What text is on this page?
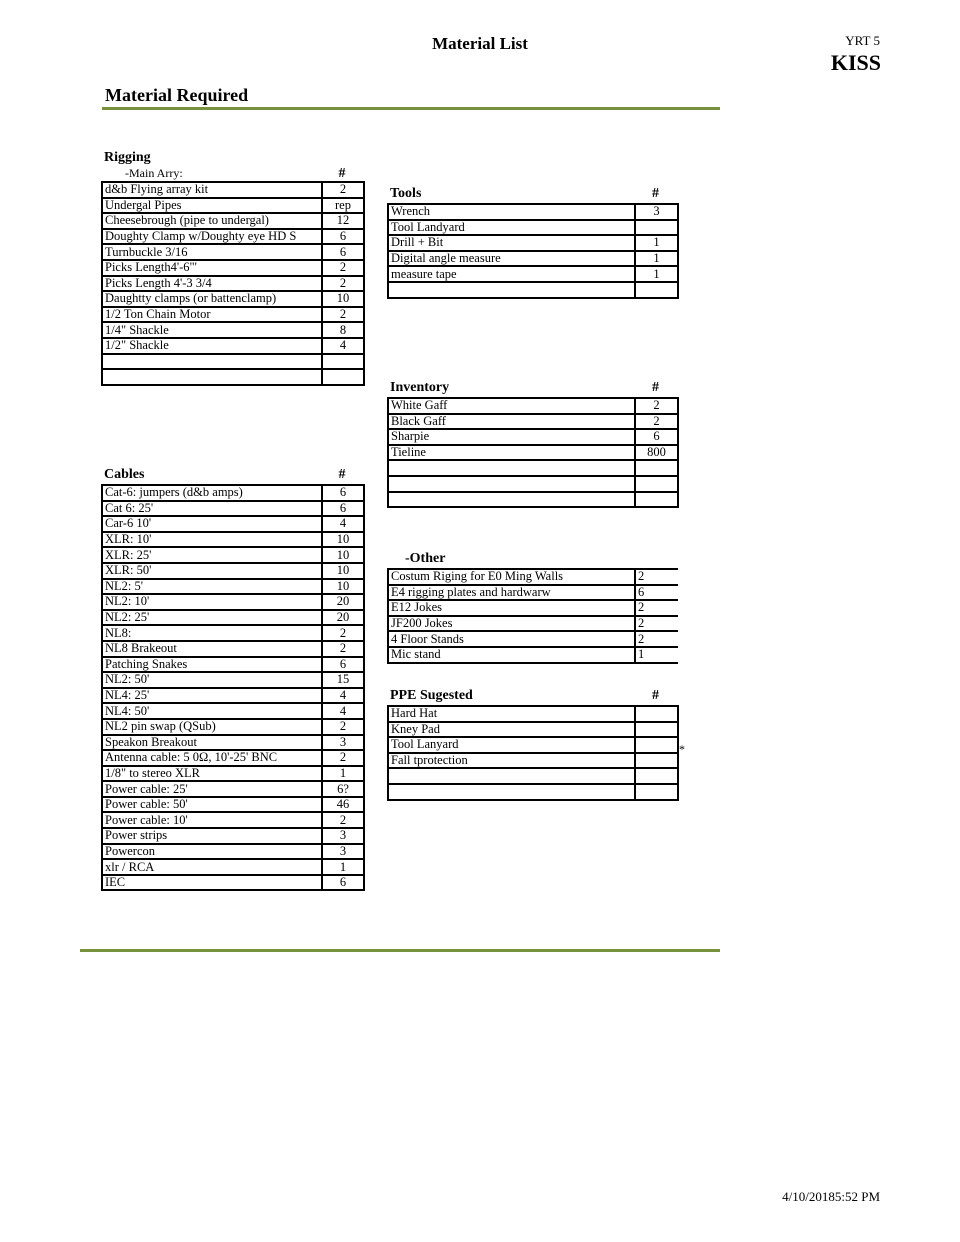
Material List	YRT 5
KISS
Material Required
Rigging
-Main Arry:	#
d&b Flying array kit	2
Undergal Pipes	rep
Cheesebrough (pipe to undergal)	12
Doughty Clamp w/Doughty eye HD S	6
Turnbuckle 3/16	6
Picks Length4'-6"'	2
Picks Length 4'-3 3/4	2
Daughtty clamps (or battenclamp)	10
1/2 Ton Chain Motor	2
1/4" Shackle	8
1/2" Shackle	4

Cables	#
Cat-6: jumpers (d&b amps)	6
Cat 6: 25'	6
Car-6 10'	4
XLR: 10'	10
XLR: 25'	10
XLR: 50'	10
NL2: 5'	10
NL2: 10'	20
NL2: 25'	20
NL8:	2
NL8 Brakeout	2
Patching Snakes	6
NL2: 50'	15
NL4: 25'	4
NL4: 50'	4
NL2 pin swap (QSub)	2
Speakon Breakout	3
Antenna cable: 5 0Ω, 10'-25' BNC	2
1/8" to stereo XLR	1
Power cable: 25'	6?
Power cable: 50'	46
Power cable: 10'	2
Power strips	3
Powercon	3
xlr / RCA	1
IEC	6
Tools	#
Wrench	3
Tool Landyard	
Drill + Bit	1
Digital angle measure	1
measure tape	1

Inventory	#
White Gaff	2
Black Gaff	2
Sharpie	6
Tieline	800

-Other
Costum Riging for E0 Ming Walls	2
E4 rigging plates and hardwarw	6
E12 Jokes	2
JF200 Jokes	2
4 Floor Stands	2
Mic stand	1
PPE Sugested	#
Hard Hat	
Kney Pad	
Tool Lanyard	
Fall tprotection	

*
4/10/20185:52 PM
